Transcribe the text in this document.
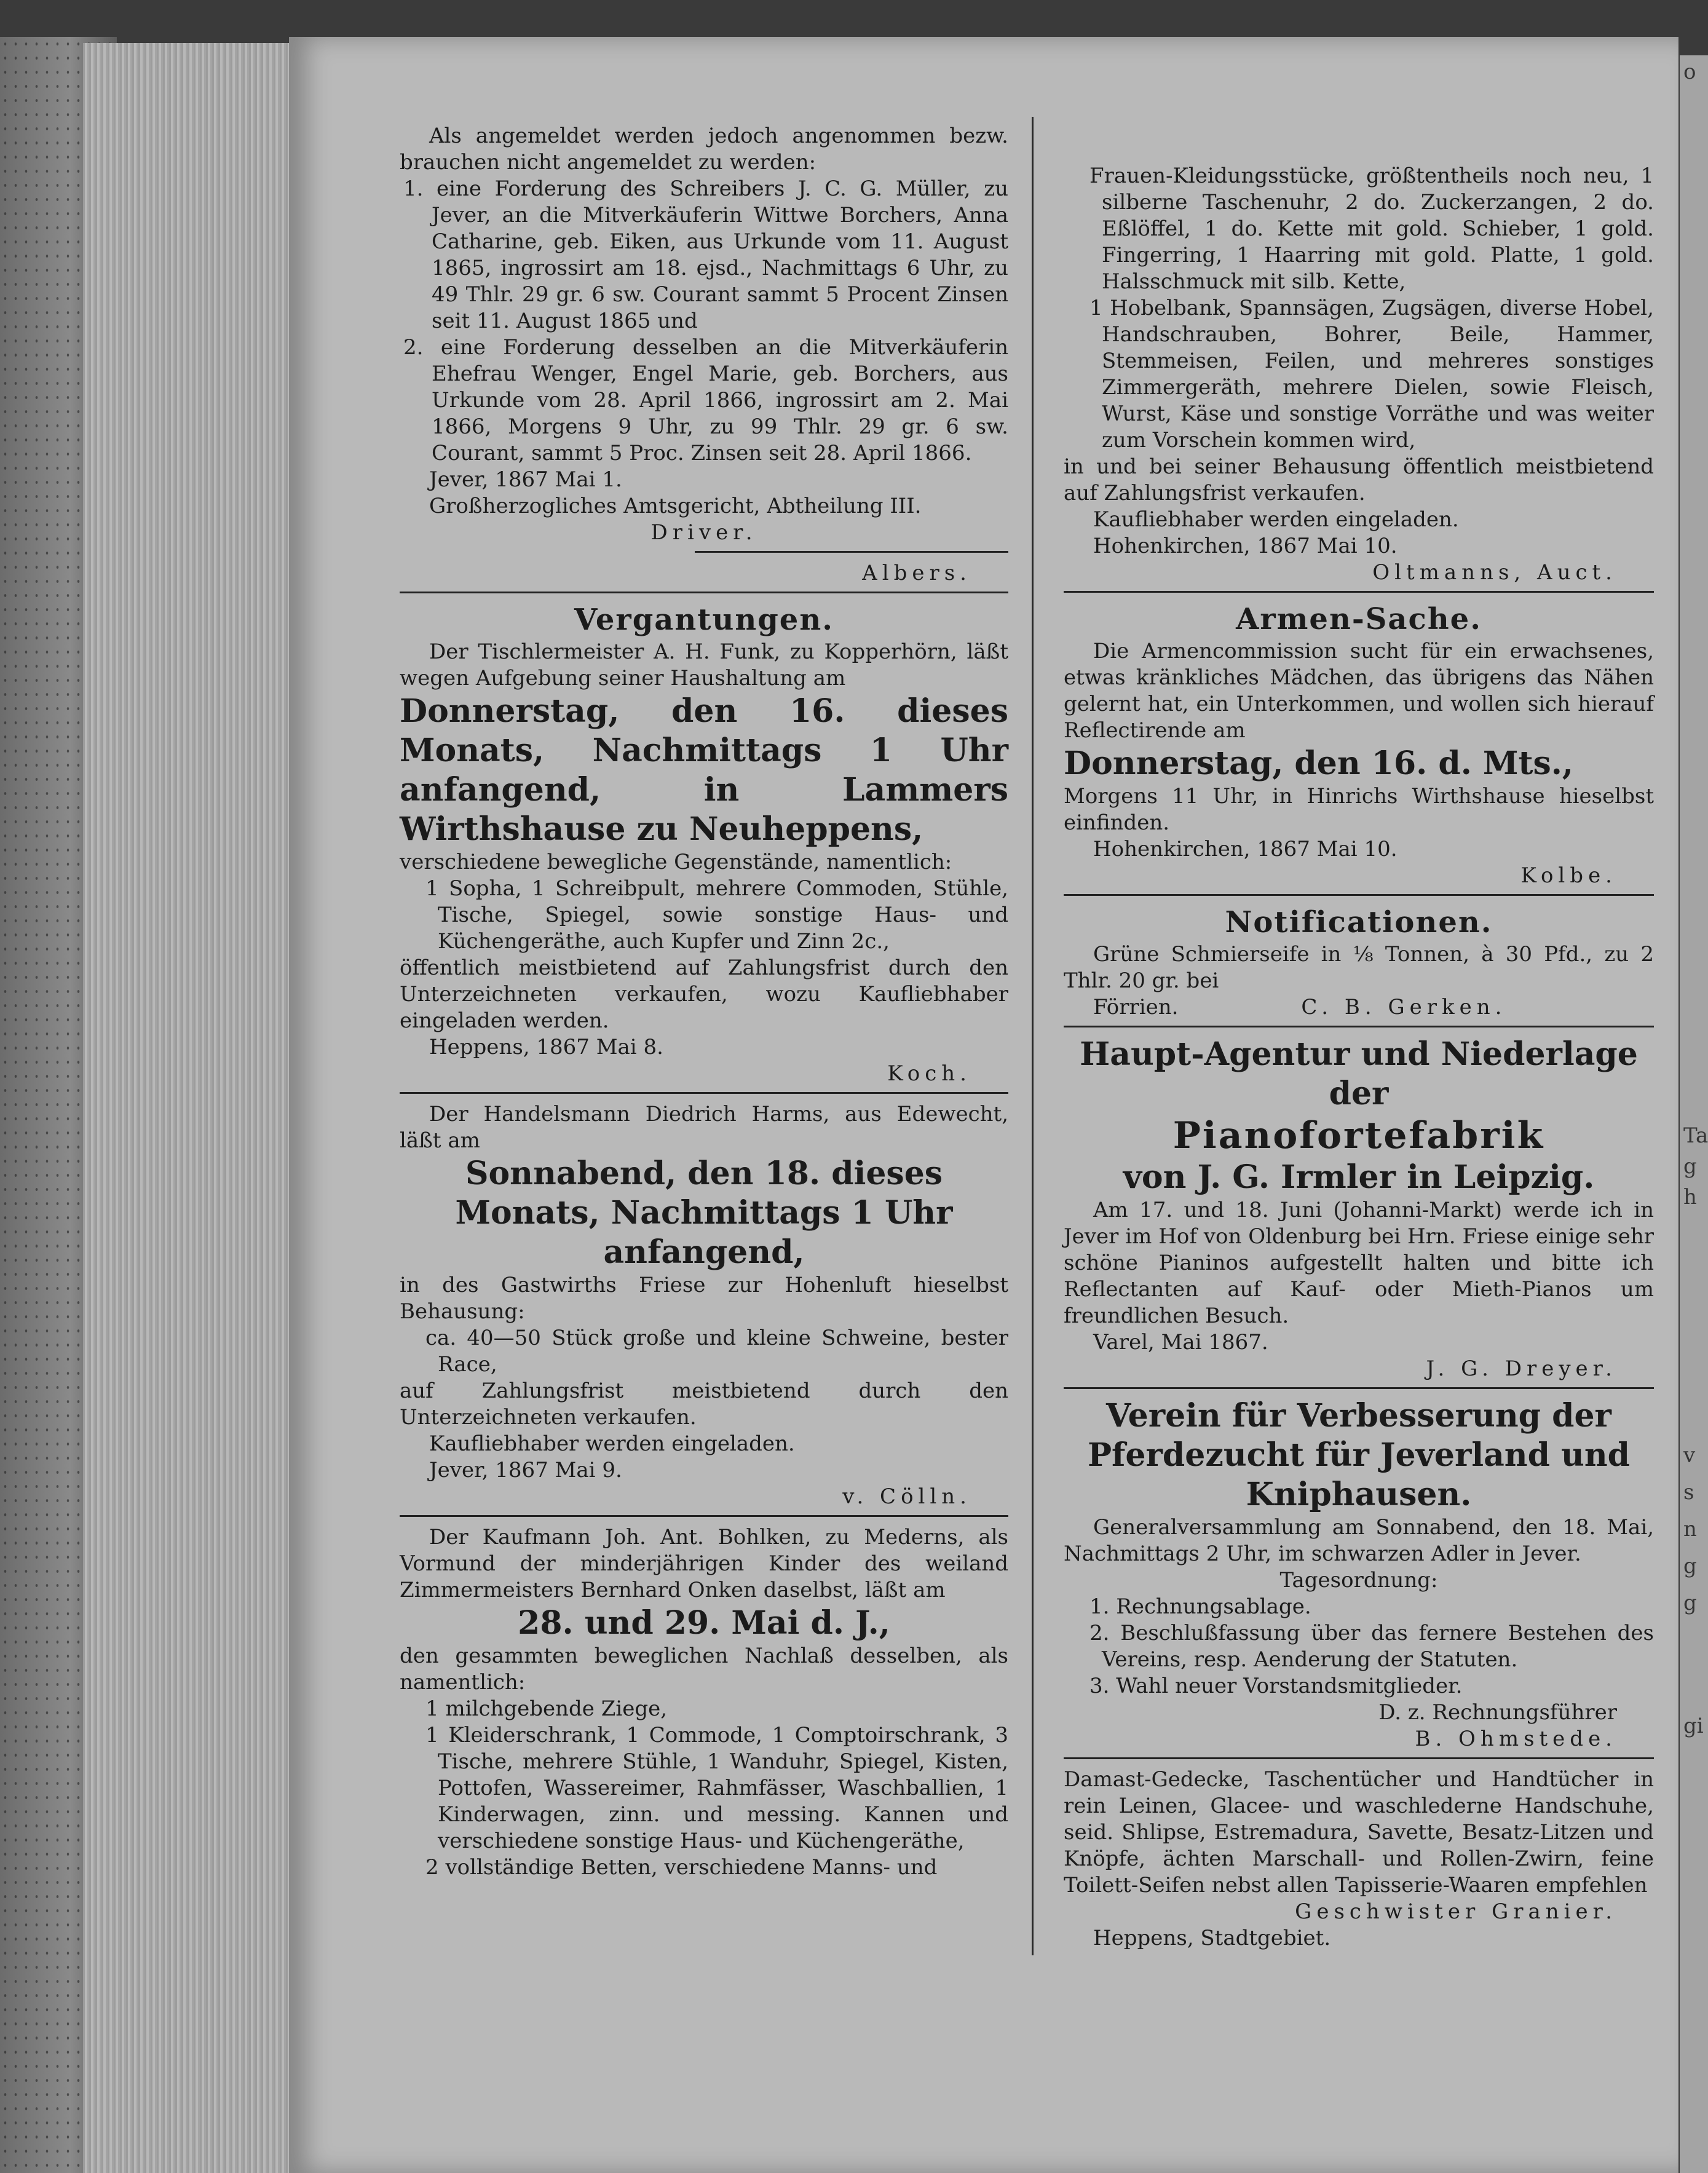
o
Ta
g
h
v
s
n
g
g
gi

Als angemeldet werden jedoch angenommen bezw. brauchen nicht angemeldet zu werden:

1. eine Forderung des Schreibers J. C. G. Müller, zu Jever, an die Mitverkäuferin Wittwe Borchers, Anna Catharine, geb. Eiken, aus Urkunde vom 11. August 1865, ingrossirt am 18. ejsd., Nachmittags 6 Uhr, zu 49 Thlr. 29 gr. 6 sw. Courant sammt 5 Procent Zinsen seit 11. August 1865 und

2. eine Forderung desselben an die Mitverkäuferin Ehefrau Wenger, Engel Marie, geb. Borchers, aus Urkunde vom 28. April 1866, ingrossirt am 2. Mai 1866, Morgens 9 Uhr, zu 99 Thlr. 29 gr. 6 sw. Courant, sammt 5 Proc. Zinsen seit 28. April 1866.

Jever, 1867 Mai 1.

Großherzogliches Amtsgericht, Abtheilung III.

Driver.

Albers.

Vergantungen.

Der Tischlermeister A. H. Funk, zu Kopperhörn, läßt wegen Aufgebung seiner Haushaltung am

Donnerstag, den 16. dieses Monats, Nachmittags 1 Uhr anfangend, in Lammers Wirthshause zu Neuheppens,

verschiedene bewegliche Gegenstände, namentlich:

1 Sopha, 1 Schreibpult, mehrere Commoden, Stühle, Tische, Spiegel, sowie sonstige Haus- und Küchengeräthe, auch Kupfer und Zinn 2c.,

öffentlich meistbietend auf Zahlungsfrist durch den Unterzeichneten verkaufen, wozu Kaufliebhaber eingeladen werden.

Heppens, 1867 Mai 8.

Koch.

Der Handelsmann Diedrich Harms, aus Edewecht, läßt am

Sonnabend, den 18. dieses Monats, Nachmittags 1 Uhr anfangend,

in des Gastwirths Friese zur Hohenluft hieselbst Behausung:

ca. 40—50 Stück große und kleine Schweine, bester Race,

auf Zahlungsfrist meistbietend durch den Unterzeichneten verkaufen.

Kaufliebhaber werden eingeladen.

Jever, 1867 Mai 9.

v. Cölln.

Der Kaufmann Joh. Ant. Bohlken, zu Mederns, als Vormund der minderjährigen Kinder des weiland Zimmermeisters Bernhard Onken daselbst, läßt am

28. und 29. Mai d. J.,

den gesammten beweglichen Nachlaß desselben, als namentlich:

1 milchgebende Ziege,

1 Kleiderschrank, 1 Commode, 1 Comptoirschrank, 3 Tische, mehrere Stühle, 1 Wanduhr, Spiegel, Kisten, Pottofen, Wassereimer, Rahmfässer, Waschballien, 1 Kinderwagen, zinn. und messing. Kannen und verschiedene sonstige Haus- und Küchengeräthe,

2 vollständige Betten, verschiedene Manns- und

Frauen-Kleidungsstücke, größtentheils noch neu, 1 silberne Taschenuhr, 2 do. Zuckerzangen, 2 do. Eßlöffel, 1 do. Kette mit gold. Schieber, 1 gold. Fingerring, 1 Haarring mit gold. Platte, 1 gold. Halsschmuck mit silb. Kette,

1 Hobelbank, Spannsägen, Zugsägen, diverse Hobel, Handschrauben, Bohrer, Beile, Hammer, Stemmeisen, Feilen, und mehreres sonstiges Zimmergeräth, mehrere Dielen, sowie Fleisch, Wurst, Käse und sonstige Vorräthe und was weiter zum Vorschein kommen wird,

in und bei seiner Behausung öffentlich meistbietend auf Zahlungsfrist verkaufen.

Kaufliebhaber werden eingeladen.

Hohenkirchen, 1867 Mai 10.

Oltmanns, Auct.

Armen-Sache.

Die Armencommission sucht für ein erwachsenes, etwas kränkliches Mädchen, das übrigens das Nähen gelernt hat, ein Unterkommen, und wollen sich hierauf Reflectirende am

Donnerstag, den 16. d. Mts.,

Morgens 11 Uhr, in Hinrichs Wirthshause hieselbst einfinden.

Hohenkirchen, 1867 Mai 10.

Kolbe.

Notificationen.

Grüne Schmierseife in ⅛ Tonnen, à 30 Pfd., zu 2 Thlr. 20 gr. bei

Förrien.	C. B. Gerken.

Haupt-Agentur und Niederlage der

Pianofortefabrik

von J. G. Irmler in Leipzig.

Am 17. und 18. Juni (Johanni-Markt) werde ich in Jever im Hof von Oldenburg bei Hrn. Friese einige sehr schöne Pianinos aufgestellt halten und bitte ich Reflectanten auf Kauf- oder Mieth-Pianos um freundlichen Besuch.

Varel, Mai 1867.

J. G. Dreyer.

Verein für Verbesserung der Pferdezucht für Jeverland und Kniphausen.

Generalversammlung am Sonnabend, den 18. Mai, Nachmittags 2 Uhr, im schwarzen Adler in Jever.

Tagesordnung:

1. Rechnungsablage.

2. Beschlußfassung über das fernere Bestehen des Vereins, resp. Aenderung der Statuten.

3. Wahl neuer Vorstandsmitglieder.

D. z. Rechnungsführer

B. Ohmstede.

Damast-Gedecke, Taschentücher und Handtücher in rein Leinen, Glacee- und waschlederne Handschuhe, seid. Shlipse, Estremadura, Savette, Besatz-Litzen und Knöpfe, ächten Marschall- und Rollen-Zwirn, feine Toilett-Seifen nebst allen Tapisserie-Waaren empfehlen

Geschwister Granier.

Heppens, Stadtgebiet.
